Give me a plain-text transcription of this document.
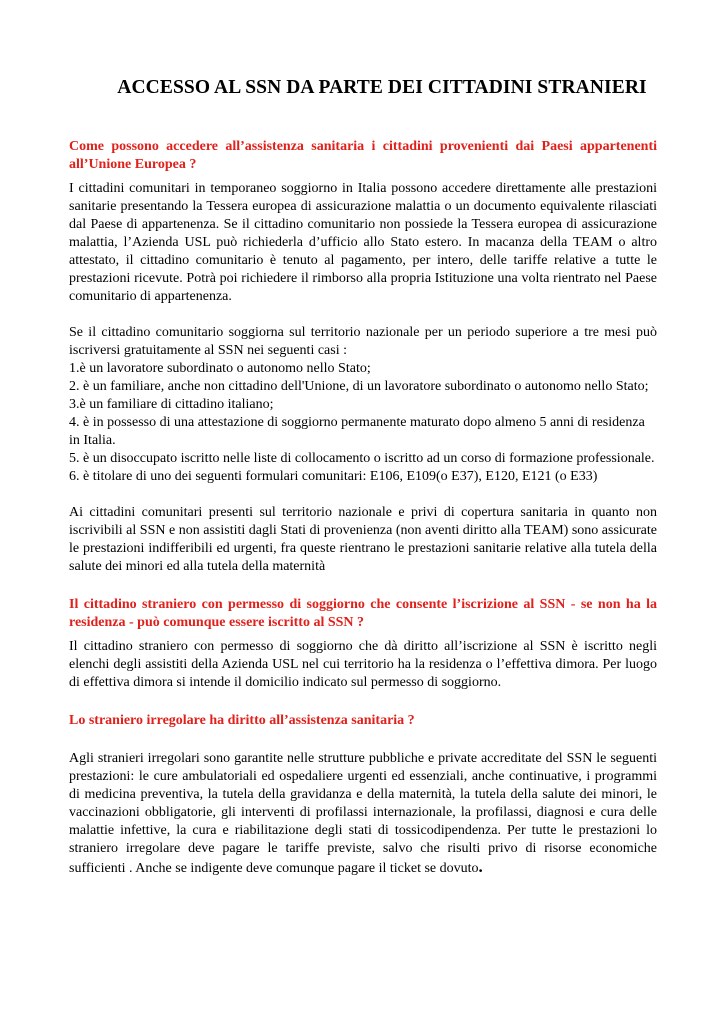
ACCESSO AL SSN DA PARTE DEI CITTADINI STRANIERI

Come possono accedere all’assistenza sanitaria i cittadini provenienti dai Paesi appartenenti all’Unione Europea ?

I cittadini comunitari in temporaneo soggiorno in Italia possono accedere direttamente alle prestazioni sanitarie presentando la Tessera europea di assicurazione malattia o un documento equivalente rilasciati dal Paese di appartenenza. Se il cittadino comunitario non possiede la Tessera europea di assicurazione malattia, l’Azienda USL può richiederla d’ufficio allo Stato estero. In macanza della TEAM o altro attestato, il cittadino comunitario è tenuto al pagamento, per intero, delle tariffe relative a tutte le prestazioni ricevute. Potrà poi richiedere il rimborso alla propria Istituzione una volta rientrato nel Paese comunitario di appartenenza.

Se il cittadino comunitario soggiorna sul territorio nazionale per un periodo superiore a tre mesi può iscriversi gratuitamente al SSN nei seguenti casi :

1.è un lavoratore subordinato o autonomo nello Stato;
2. è un familiare, anche non cittadino dell'Unione, di un lavoratore subordinato o autonomo nello Stato;
3.è un familiare di cittadino italiano;
4. è in possesso di una attestazione di soggiorno permanente maturato dopo almeno 5 anni di residenza in Italia.
5. è un disoccupato iscritto nelle liste di collocamento o iscritto ad un corso di formazione professionale.
6. è titolare di uno dei seguenti formulari comunitari: E106, E109(o E37), E120, E121 (o E33)

Ai cittadini comunitari presenti sul territorio nazionale e privi di copertura sanitaria in quanto non iscrivibili al SSN e non assistiti dagli Stati di provenienza (non aventi diritto alla TEAM) sono assicurate le prestazioni indifferibili ed urgenti, fra queste rientrano le prestazioni sanitarie relative alla tutela della salute dei minori ed alla tutela della maternità

Il cittadino straniero con permesso di soggiorno che consente l’iscrizione al SSN - se non ha la residenza - può comunque essere iscritto al SSN ?

Il cittadino straniero con permesso di soggiorno che dà diritto all’iscrizione al SSN è iscritto negli elenchi degli assistiti della Azienda USL nel cui territorio ha la residenza o l’effettiva dimora. Per luogo di effettiva dimora si intende il domicilio indicato sul permesso di soggiorno.

Lo straniero irregolare ha diritto all’assistenza sanitaria ?

Agli stranieri irregolari sono garantite nelle strutture pubbliche e private accreditate del SSN le seguenti prestazioni: le cure ambulatoriali ed ospedaliere urgenti ed essenziali, anche continuative, i programmi di medicina preventiva, la tutela della gravidanza e della maternità, la tutela della salute dei minori, le vaccinazioni obbligatorie, gli interventi di profilassi internazionale, la profilassi, diagnosi e cura delle malattie infettive, la cura e riabilitazione degli stati di tossicodipendenza. Per tutte le prestazioni lo straniero irregolare deve pagare le tariffe previste, salvo che risulti privo di risorse economiche sufficienti . Anche se indigente deve comunque pagare il ticket se dovuto.
